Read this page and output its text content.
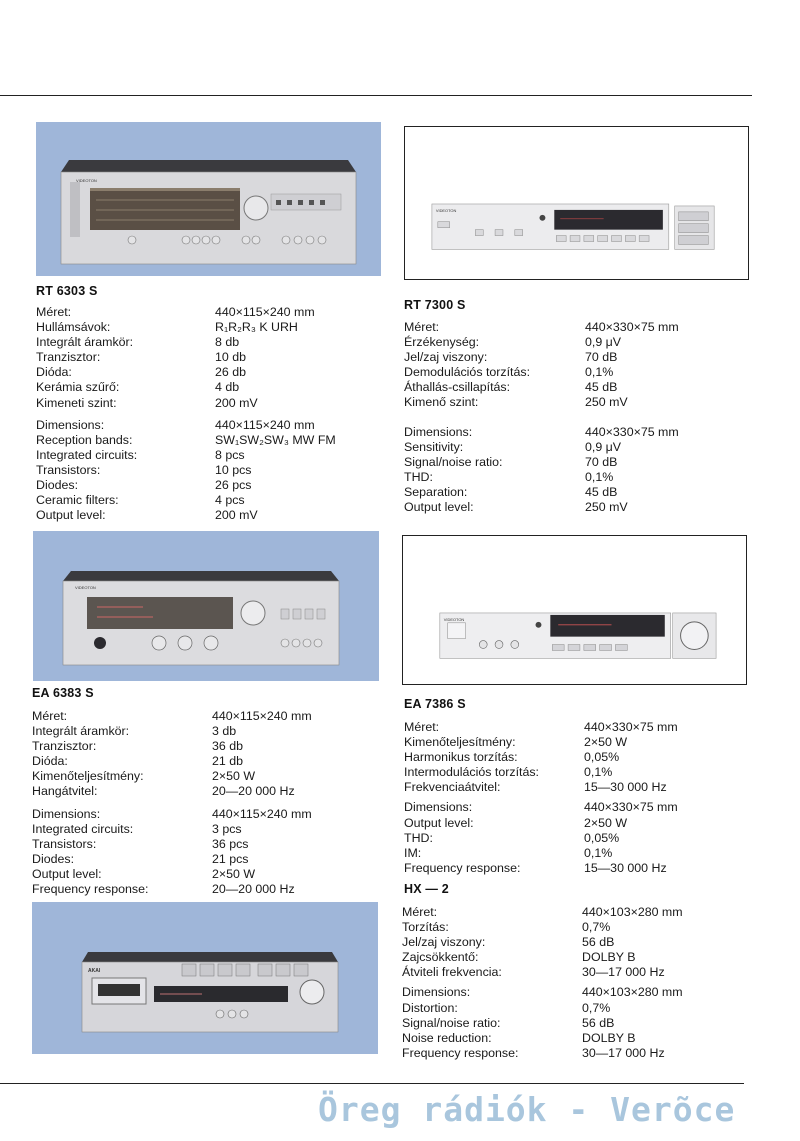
VIDEOTON
VIDEOTON
VIDEOTON
VIDEOTON
AKAI
RT 6303 S
Méret:	440×115×240 mm
Hullámsávok:	R₁R₂R₃ K URH
Integrált áramkör:	8 db
Tranzisztor:	10 db
Dióda:	26 db
Kerámia szűrő:	4 db
Kimeneti szint:	200 mV
Dimensions:	440×115×240 mm
Reception bands:	SW₁SW₂SW₃ MW FM
Integrated circuits:	8 pcs
Transistors:	10 pcs
Diodes:	26 pcs
Ceramic filters:	4 pcs
Output level:	200 mV
RT 7300 S
Méret:	440×330×75 mm
Érzékenység:	0,9 μV
Jel/zaj viszony:	70 dB
Demodulációs torzítás:	0,1%
Áthallás-csillapítás:	45 dB
Kimenő szint:	250 mV
Dimensions:	440×330×75 mm
Sensitivity:	0,9 μV
Signal/noise ratio:	70 dB
THD:	0,1%
Separation:	45 dB
Output level:	250 mV
EA 6383 S
Méret:	440×115×240 mm
Integrált áramkör:	3 db
Tranzisztor:	36 db
Dióda:	21 db
Kimenőteljesítmény:	2×50 W
Hangátvitel:	20—20 000 Hz
Dimensions:	440×115×240 mm
Integrated circuits:	3 pcs
Transistors:	36 pcs
Diodes:	21 pcs
Output level:	2×50 W
Frequency response:	20—20 000 Hz
EA 7386 S
Méret:	440×330×75 mm
Kimenőteljesítmény:	2×50 W
Harmonikus torzítás:	0,05%
Intermodulációs torzítás:	0,1%
Frekvenciaátvitel:	15—30 000 Hz
Dimensions:	440×330×75 mm
Output level:	2×50 W
THD:	0,05%
IM:	0,1%
Frequency response:	15—30 000 Hz
HX — 2
Méret:	440×103×280 mm
Torzítás:	0,7%
Jel/zaj viszony:	56 dB
Zajcsökkentő:	DOLBY B
Átviteli frekvencia:	30—17 000 Hz
Dimensions:	440×103×280 mm
Distortion:	0,7%
Signal/noise ratio:	56 dB
Noise reduction:	DOLBY B
Frequency response:	30—17 000 Hz
Öreg rádiók - Verõce
